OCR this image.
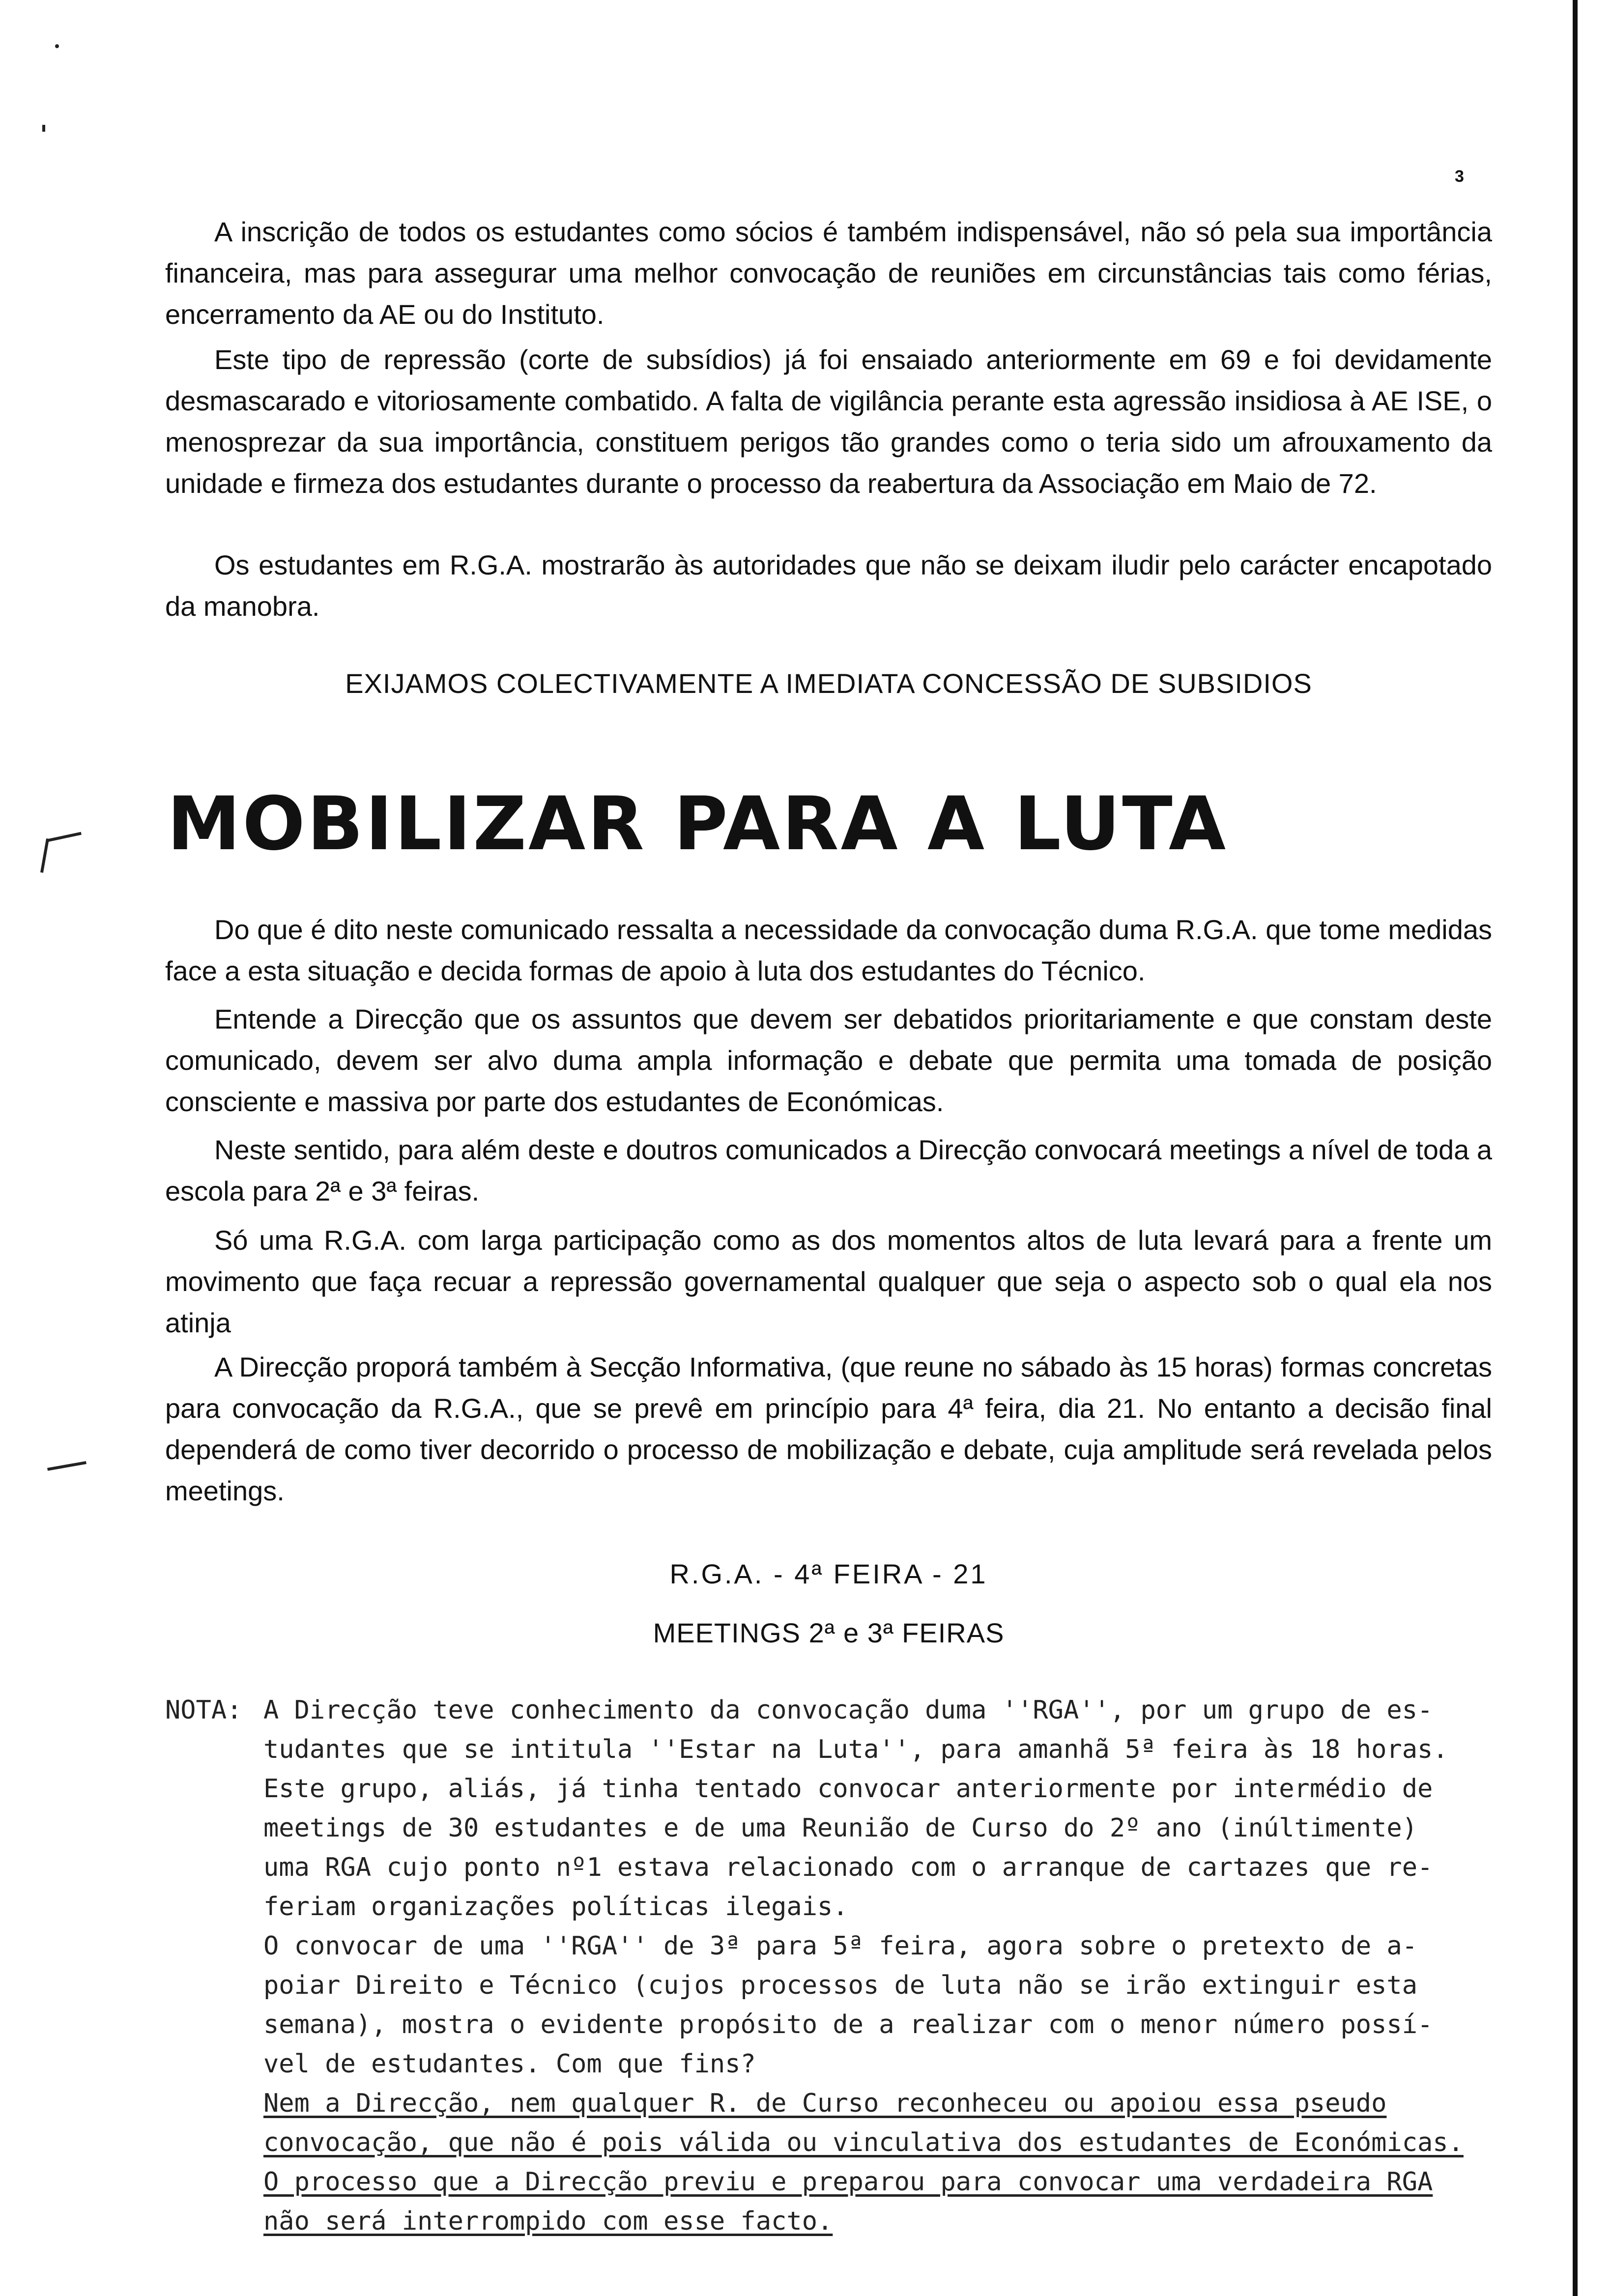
3

A inscrição de todos os estudantes como sócios é também indispensável, não só pela sua importância financeira, mas para assegurar uma melhor convocação de reuniões em circunstâncias tais como férias, encerramento da AE ou do Instituto.

Este tipo de repressão (corte de subsídios) já foi ensaiado anteriormente em 69 e foi devidamente desmascarado e vitoriosamente combatido. A falta de vigilância perante esta agressão insidiosa à AE ISE, o menosprezar da sua importância, constituem perigos tão grandes como o teria sido um afrouxamento da unidade e firmeza dos estudantes durante o processo da reabertura da Associação em Maio de 72.

Os estudantes em R.G.A. mostrarão às autoridades que não se deixam iludir pelo carácter encapotado da manobra.

EXIJAMOS COLECTIVAMENTE A IMEDIATA CONCESSÃO DE SUBSIDIOS
MOBILIZAR PARA A LUTA

Do que é dito neste comunicado ressalta a necessidade da convocação duma R.G.A. que tome medidas face a esta situação e decida formas de apoio à luta dos estudantes do Técnico.

Entende a Direcção que os assuntos que devem ser debatidos prioritariamente e que constam deste comunicado, devem ser alvo duma ampla informação e debate que permita uma tomada de posição consciente e massiva por parte dos estudantes de Económicas.

Neste sentido, para além deste e doutros comunicados a Direcção convocará meetings a nível de toda a escola para 2ª e 3ª feiras.

Só uma R.G.A. com larga participação como as dos momentos altos de luta levará para a frente um movimento que faça recuar a repressão governamental qualquer que seja o aspecto sob o qual ela nos atinja

A Direcção proporá também à Secção Informativa, (que reune no sábado às 15 horas) formas concretas para convocação da R.G.A., que se prevê em princípio para 4ª feira, dia 21. No entanto a decisão final dependerá de como tiver decorrido o processo de mobilização e debate, cuja amplitude será revelada pelos meetings.

R.G.A. - 4ª FEIRA - 21
MEETINGS 2ª e 3ª FEIRAS
NOTA: A Direcção teve conhecimento da convocação duma ''RGA'', por um grupo de es-
tudantes que se intitula ''Estar na Luta'', para amanhã 5ª feira às 18 horas.
Este grupo, aliás, já tinha tentado convocar anteriormente por intermédio de
meetings de 30 estudantes e de uma Reunião de Curso do 2º ano (inúltimente)
uma RGA cujo ponto nº1 estava relacionado com o arranque de cartazes que re-
feriam organizações políticas ilegais.
O convocar de uma ''RGA'' de 3ª para 5ª feira, agora sobre o pretexto de a-
poiar Direito e Técnico (cujos processos de luta não se irão extinguir esta
semana), mostra o evidente propósito de a realizar com o menor número possí-
vel de estudantes. Com que fins?
Nem a Direcção, nem qualquer R. de Curso reconheceu ou apoiou essa pseudo
convocação, que não é pois válida ou vinculativa dos estudantes de Económicas.
O processo que a Direcção previu e preparou para convocar uma verdadeira RGA
não será interrompido com esse facto.
